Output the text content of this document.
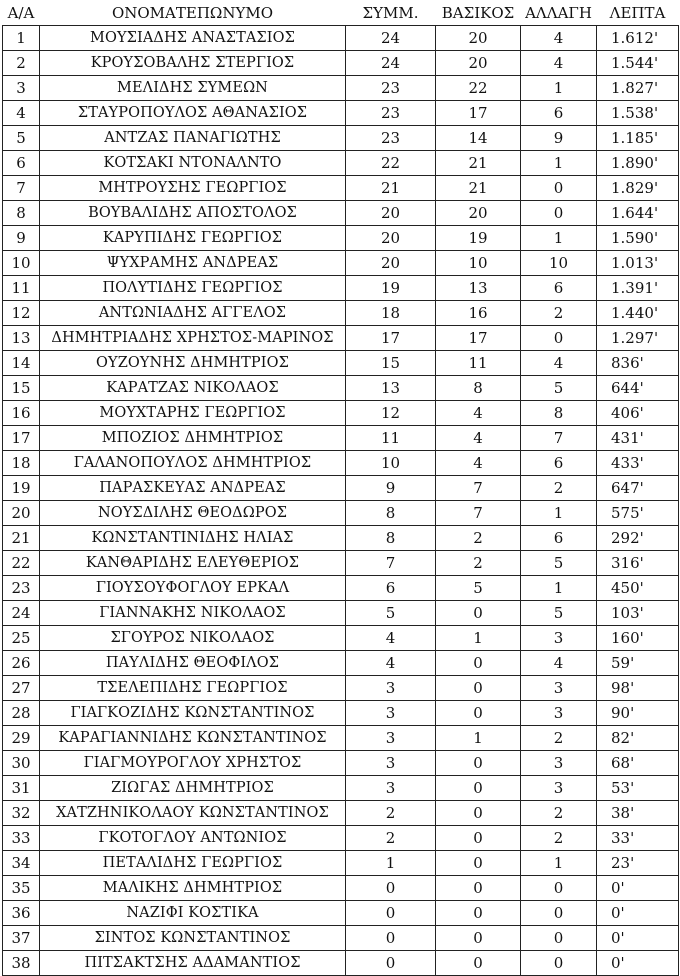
Α/Α	ΟΝΟΜΑΤΕΠΩΝΥΜΟ	ΣΥΜΜ.	ΒΑΣΙΚΟΣ	ΑΛΛΑΓΗ	ΛΕΠΤΑ
1	ΜΟΥΣΙΑΔΗΣ ΑΝΑΣΤΑΣΙΟΣ	24	20	4	1.612'
2	ΚΡΟΥΣΟΒΑΛΗΣ ΣΤΕΡΓΙΟΣ	24	20	4	1.544'
3	ΜΕΛΙΔΗΣ ΣΥΜΕΩΝ	23	22	1	1.827'
4	ΣΤΑΥΡΟΠΟΥΛΟΣ ΑΘΑΝΑΣΙΟΣ	23	17	6	1.538'
5	ΑΝΤΖΑΣ ΠΑΝΑΓΙΩΤΗΣ	23	14	9	1.185'
6	ΚΟΤΣΑΚΙ ΝΤΟΝΑΛΝΤΟ	22	21	1	1.890'
7	ΜΗΤΡΟΥΣΗΣ ΓΕΩΡΓΙΟΣ	21	21	0	1.829'
8	ΒΟΥΒΑΛΙΔΗΣ ΑΠΟΣΤΟΛΟΣ	20	20	0	1.644'
9	ΚΑΡΥΠΙΔΗΣ ΓΕΩΡΓΙΟΣ	20	19	1	1.590'
10	ΨΥΧΡΑΜΗΣ ΑΝΔΡΕΑΣ	20	10	10	1.013'
11	ΠΟΛΥΤΙΔΗΣ ΓΕΩΡΓΙΟΣ	19	13	6	1.391'
12	ΑΝΤΩΝΙΑΔΗΣ ΑΓΓΕΛΟΣ	18	16	2	1.440'
13	ΔΗΜΗΤΡΙΑΔΗΣ ΧΡΗΣΤΟΣ-ΜΑΡΙΝΟΣ	17	17	0	1.297'
14	ΟΥΖΟΥΝΗΣ ΔΗΜΗΤΡΙΟΣ	15	11	4	836'
15	ΚΑΡΑΤΖΑΣ ΝΙΚΟΛΑΟΣ	13	8	5	644'
16	ΜΟΥΧΤΑΡΗΣ ΓΕΩΡΓΙΟΣ	12	4	8	406'
17	ΜΠΟΖΙΟΣ ΔΗΜΗΤΡΙΟΣ	11	4	7	431'
18	ΓΑΛΑΝΟΠΟΥΛΟΣ ΔΗΜΗΤΡΙΟΣ	10	4	6	433'
19	ΠΑΡΑΣΚΕΥΑΣ ΑΝΔΡΕΑΣ	9	7	2	647'
20	ΝΟΥΣΔΙΛΗΣ ΘΕΟΔΩΡΟΣ	8	7	1	575'
21	ΚΩΝΣΤΑΝΤΙΝΙΔΗΣ ΗΛΙΑΣ	8	2	6	292'
22	ΚΑΝΘΑΡΙΔΗΣ ΕΛΕΥΘΕΡΙΟΣ	7	2	5	316'
23	ΓΙΟΥΣΟΥΦΟΓΛΟΥ ΕΡΚΑΛ	6	5	1	450'
24	ΓΙΑΝΝΑΚΗΣ ΝΙΚΟΛΑΟΣ	5	0	5	103'
25	ΣΓΟΥΡΟΣ ΝΙΚΟΛΑΟΣ	4	1	3	160'
26	ΠΑΥΛΙΔΗΣ ΘΕΟΦΙΛΟΣ	4	0	4	59'
27	ΤΣΕΛΕΠΙΔΗΣ ΓΕΩΡΓΙΟΣ	3	0	3	98'
28	ΓΙΑΓΚΟΖΙΔΗΣ ΚΩΝΣΤΑΝΤΙΝΟΣ	3	0	3	90'
29	ΚΑΡΑΓΙΑΝΝΙΔΗΣ ΚΩΝΣΤΑΝΤΙΝΟΣ	3	1	2	82'
30	ΓΙΑΓΜΟΥΡΟΓΛΟΥ ΧΡΗΣΤΟΣ	3	0	3	68'
31	ΖΙΩΓΑΣ ΔΗΜΗΤΡΙΟΣ	3	0	3	53'
32	ΧΑΤΖΗΝΙΚΟΛΑΟΥ ΚΩΝΣΤΑΝΤΙΝΟΣ	2	0	2	38'
33	ΓΚΟΤΟΓΛΟΥ ΑΝΤΩΝΙΟΣ	2	0	2	33'
34	ΠΕΤΑΛΙΔΗΣ ΓΕΩΡΓΙΟΣ	1	0	1	23'
35	ΜΑΛΙΚΗΣ ΔΗΜΗΤΡΙΟΣ	0	0	0	0'
36	ΝΑΖΙΦΙ ΚΟΣΤΙΚΑ	0	0	0	0'
37	ΣΙΝΤΟΣ ΚΩΝΣΤΑΝΤΙΝΟΣ	0	0	0	0'
38	ΠΙΤΣΑΚΤΣΗΣ ΑΔΑΜΑΝΤΙΟΣ	0	0	0	0'
